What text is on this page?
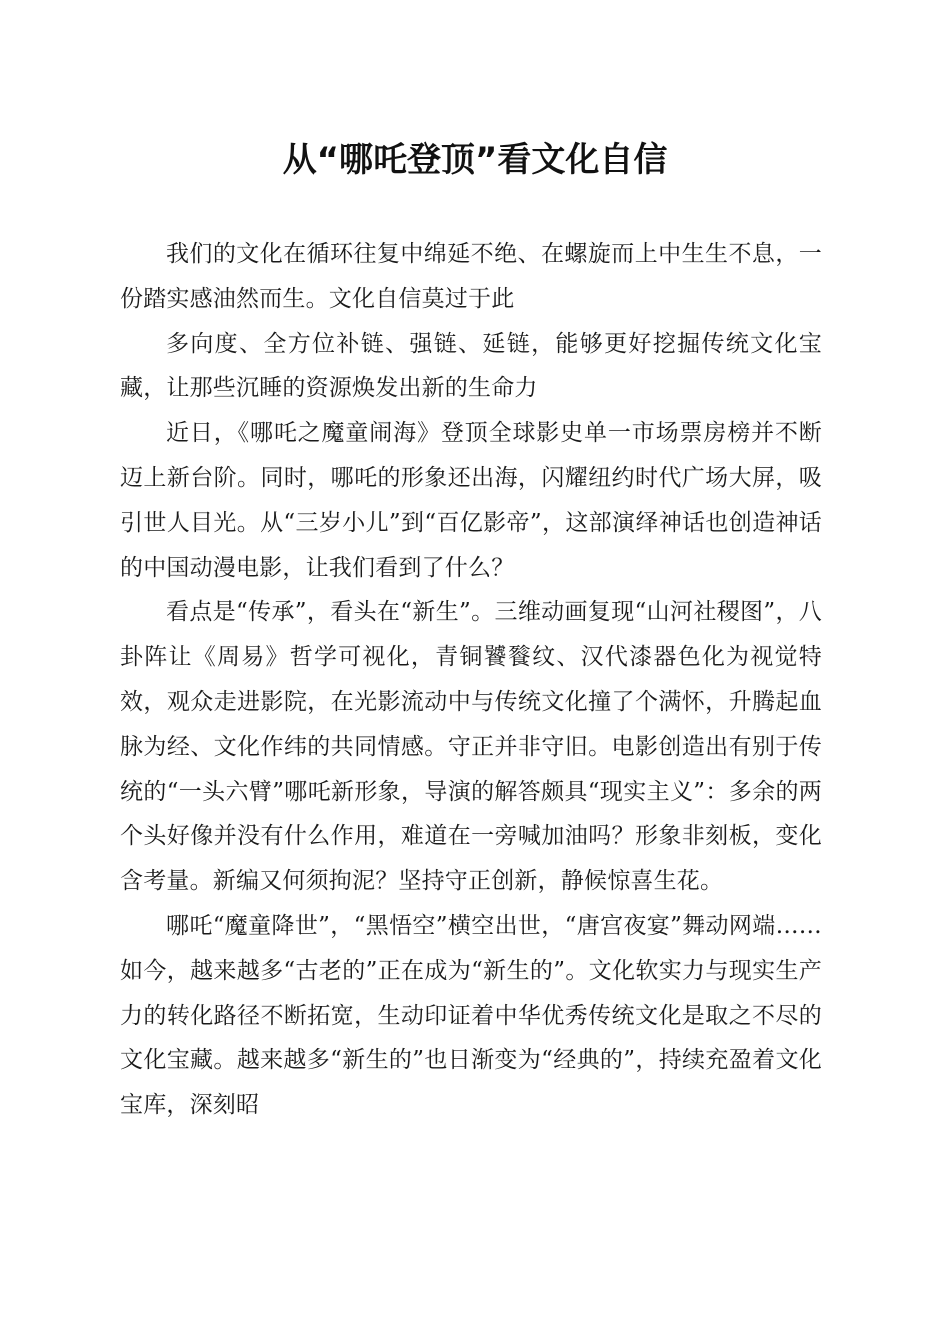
从“哪吒登顶”看文化自信

我们的文化在循环往复中绵延不绝、在螺旋而上中生生不息，一份踏实感油然而生。文化自信莫过于此

多向度、全方位补链、强链、延链，能够更好挖掘传统文化宝藏，让那些沉睡的资源焕发出新的生命力

近日，《哪吒之魔童闹海》登顶全球影史单一市场票房榜并不断迈上新台阶。同时，哪吒的形象还出海，闪耀纽约时代广场大屏，吸引世人目光。从“三岁小儿”到“百亿影帝”，这部演绎神话也创造神话的中国动漫电影，让我们看到了什么？

看点是“传承”，看头在“新生”。三维动画复现“山河社稷图”，八卦阵让《周易》哲学可视化，青铜饕餮纹、汉代漆器色化为视觉特效，观众走进影院，在光影流动中与传统文化撞了个满怀，升腾起血脉为经、文化作纬的共同情感。守正并非守旧。电影创造出有别于传统的“一头六臂”哪吒新形象，导演的解答颇具“现实主义”：多余的两个头好像并没有什么作用，难道在一旁喊加油吗？形象非刻板，变化含考量。新编又何须拘泥？坚持守正创新，静候惊喜生花。

哪吒“魔童降世”，“黑悟空”横空出世，“唐宫夜宴”舞动网端……如今，越来越多“古老的”正在成为“新生的”。文化软实力与现实生产力的转化路径不断拓宽，生动印证着中华优秀传统文化是取之不尽的文化宝藏。越来越多“新生的”也日渐变为“经典的”，持续充盈着文化宝库，深刻昭
